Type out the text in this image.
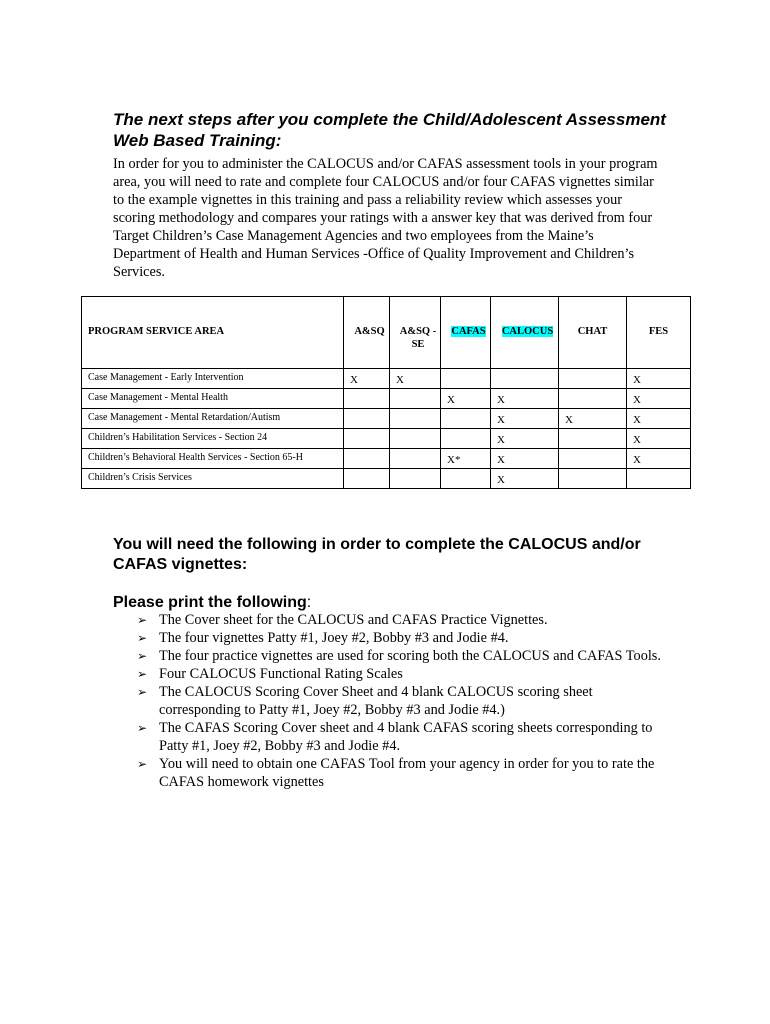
The next steps after you complete the Child/Adolescent Assessment Web Based Training:
In order for you to administer the CALOCUS and/or CAFAS assessment tools in your program area, you will need to rate and complete four CALOCUS and/or four CAFAS vignettes similar to the example vignettes in this training and pass a reliability review which assesses your scoring methodology and compares your ratings with a answer key that was derived from four Target Children’s Case Management Agencies and two employees from the Maine’s Department of Health and Human Services -Office of Quality Improvement and Children’s Services.
PROGRAM SERVICE AREA	A&SQ	A&SQ -SE	CAFAS	CALOCUS	CHAT	FES
Case Management - Early Intervention	X	X				X
Case Management - Mental Health			X	X		X
Case Management - Mental Retardation/Autism				X	X	X
Children’s Habilitation Services - Section 24				X		X
Children’s Behavioral Health Services - Section 65-H			X*	X		X
Children’s Crisis Services				X		
You will need the following in order to complete the CALOCUS and/or CAFAS vignettes:
Please print the following:
➢ The Cover sheet for the CALOCUS and CAFAS Practice Vignettes.
➢ The four vignettes Patty #1, Joey #2, Bobby #3 and Jodie #4.
➢ The four practice vignettes are used for scoring both the CALOCUS and CAFAS Tools.
➢ Four CALOCUS Functional Rating Scales
➢ The CALOCUS Scoring Cover Sheet and 4 blank CALOCUS scoring sheet corresponding to Patty #1, Joey #2, Bobby #3 and Jodie #4.)
➢ The CAFAS Scoring Cover sheet and 4 blank CAFAS scoring sheets corresponding to Patty #1, Joey #2, Bobby #3 and Jodie #4.
➢ You will need to obtain one CAFAS Tool from your agency in order for you to rate the CAFAS homework vignettes
